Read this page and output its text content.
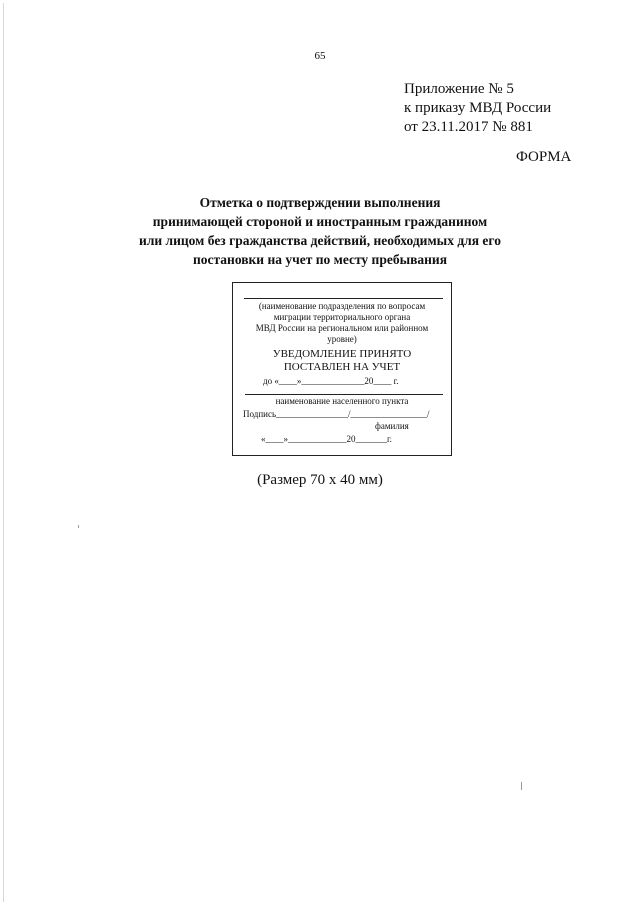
65
Приложение № 5
к приказу МВД России
от 23.11.2017 № 881
ФОРМА
Отметка о подтверждении выполнения
принимающей стороной и иностранным гражданином
или лицом без гражданства действий, необходимых для его
постановки на учет по месту пребывания
(наименование подразделения по вопросам
миграции территориального органа
МВД России на региональном или районном
уровне)
УВЕДОМЛЕНИЕ ПРИНЯТО
ПОСТАВЛЕН НА УЧЕТ
до «____»______________20____ г.
наименование населенного пункта
Подпись________________/_________________/
фамилия
«____»_____________20_______г.
(Размер 70 х 40 мм)
